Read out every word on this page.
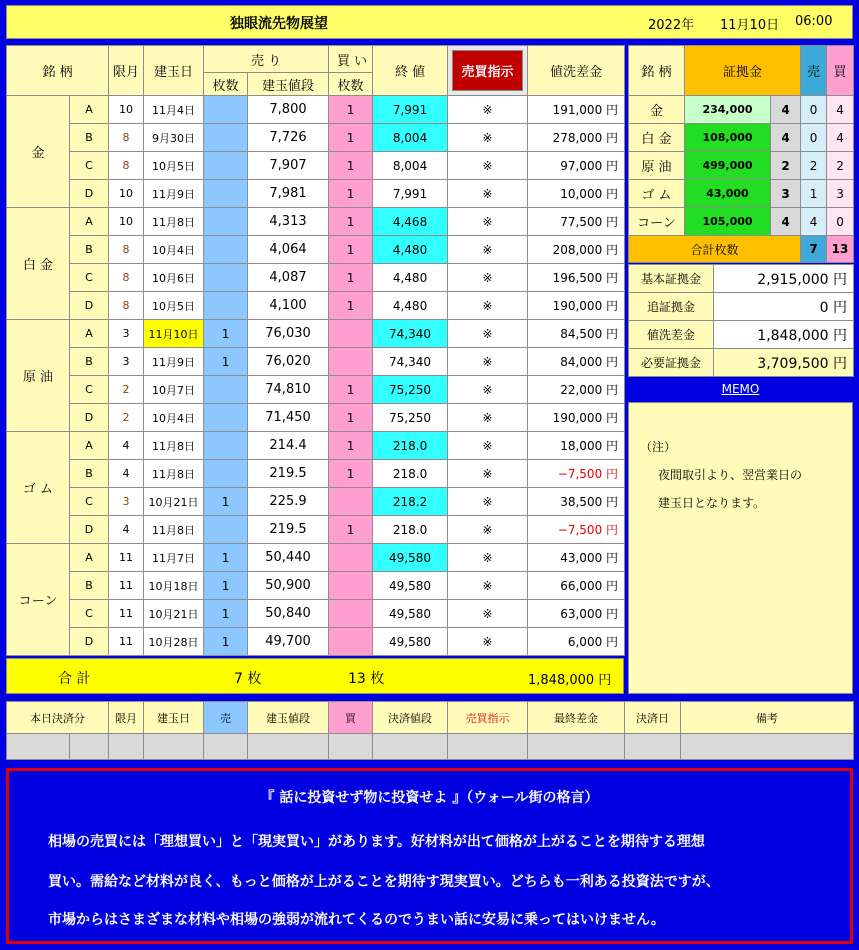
独眼流先物展望	2022年 11月10日 06:00
銘 柄		限月	建玉日	売 り		買 い	終 値	売買指示	値洗差金
				枚数	建玉値段	枚数			
金	A	10	11月4日		7,800	1	7,991	※	191,000 円
	B	8	9月30日		7,726	1	8,004	※	278,000 円
	C	8	10月5日		7,907	1	8,004	※	97,000 円
	D	10	11月9日		7,981	1	7,991	※	10,000 円
白 金	A	10	11月8日		4,313	1	4,468	※	77,500 円
	B	8	10月4日		4,064	1	4,480	※	208,000 円
	C	8	10月6日		4,087	1	4,480	※	196,500 円
	D	8	10月5日		4,100	1	4,480	※	190,000 円
原 油	A	3	11月10日	1	76,030		74,340	※	84,500 円
	B	3	11月9日	1	76,020		74,340	※	84,000 円
	C	2	10月7日		74,810	1	75,250	※	22,000 円
	D	2	10月4日		71,450	1	75,250	※	190,000 円
ゴ ム	A	4	11月8日		214.4	1	218.0	※	18,000 円
	B	4	11月8日		219.5	1	218.0	※	−7,500 円
	C	3	10月21日	1	225.9		218.2	※	38,500 円
	D	4	11月8日		219.5	1	218.0	※	−7,500 円
コーン	A	11	11月7日	1	50,440		49,580	※	43,000 円
	B	11	10月18日	1	50,900		49,580	※	66,000 円
	C	11	10月21日	1	50,840		49,580	※	63,000 円
	D	11	10月28日	1	49,700		49,580	※	6,000 円
合 計	7 枚	13 枚	1,848,000 円
銘 柄	証拠金		売	買
金	234,000	4	0	4
白 金	108,000	4	0	4
原 油	499,000	2	2	2
ゴ ム	43,000	3	1	3
コーン	105,000	4	4	0
合計枚数			7	13
基本証拠金	2,915,000 円
追証拠金	0 円
値洗差金	1,848,000 円
必要証拠金	3,709,500 円
MEMO
（注）
夜間取引より、翌営業日の
建玉日となります。
本日決済分		限月	建玉日	売	建玉値段	買	決済値段	売買指示	最終差金	決済日	備考

『 話に投資せず物に投資せよ 』（ウォール街の格言）
相場の売買には「理想買い」と「現実買い」があります。好材料が出て価格が上がることを期待する理想
買い。需給など材料が良く、もっと価格が上がることを期待す現実買い。どちらも一利ある投資法ですが、
市場からはさまざまな材料や相場の強弱が流れてくるのでうまい話に安易に乗ってはいけません。
